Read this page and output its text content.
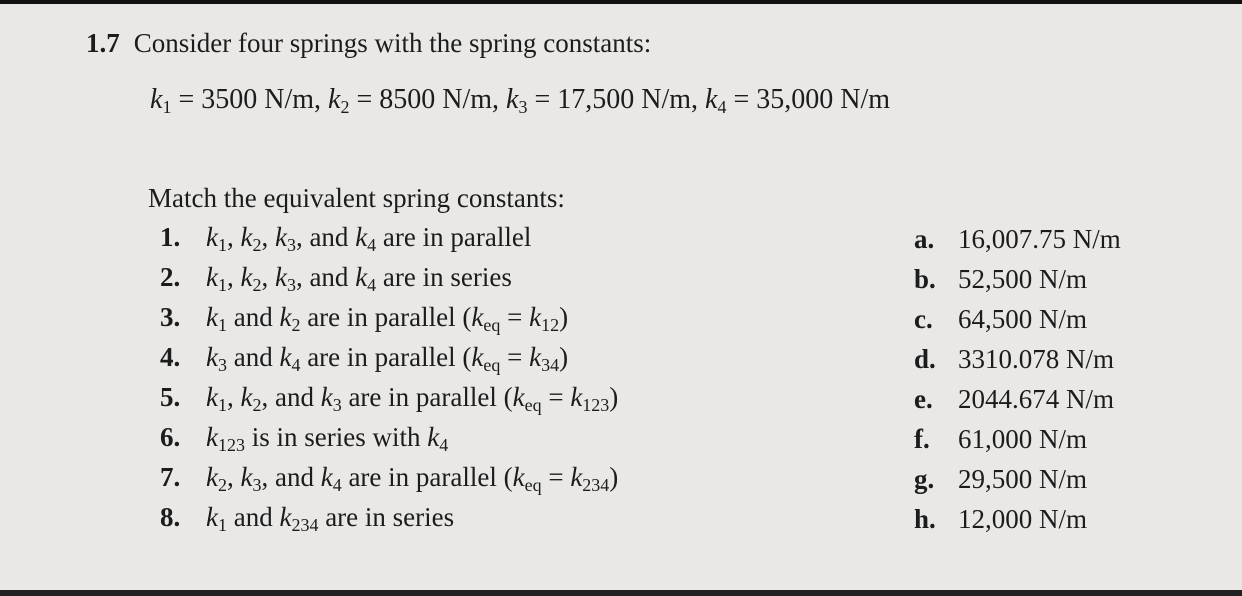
1.7 Consider four springs with the spring constants:
$k_1 = 3500$ N/m, $k_2 = 8500$ N/m, $k_3 = 17,500$ N/m, $k_4 = 35,000$ N/m
Match the equivalent spring constants:
1. $k_1$, $k_2$, $k_3$, and $k_4$ are in parallel
2. $k_1$, $k_2$, $k_3$, and $k_4$ are in series
3. $k_1$ and $k_2$ are in parallel $(k_{eq} = k_{12})$
4. $k_3$ and $k_4$ are in parallel $(k_{eq} = k_{34})$
5. $k_1$, $k_2$, and $k_3$ are in parallel $(k_{eq} = k_{123})$
6. $k_{123}$ is in series with $k_4$
7. $k_2$, $k_3$, and $k_4$ are in parallel $(k_{eq} = k_{234})$
8. $k_1$ and $k_{234}$ are in series
a. 16,007.75 N/m
b. 52,500 N/m
c. 64,500 N/m
d. 3310.078 N/m
e. 2044.674 N/m
f. 61,000 N/m
g. 29,500 N/m
h. 12,000 N/m
